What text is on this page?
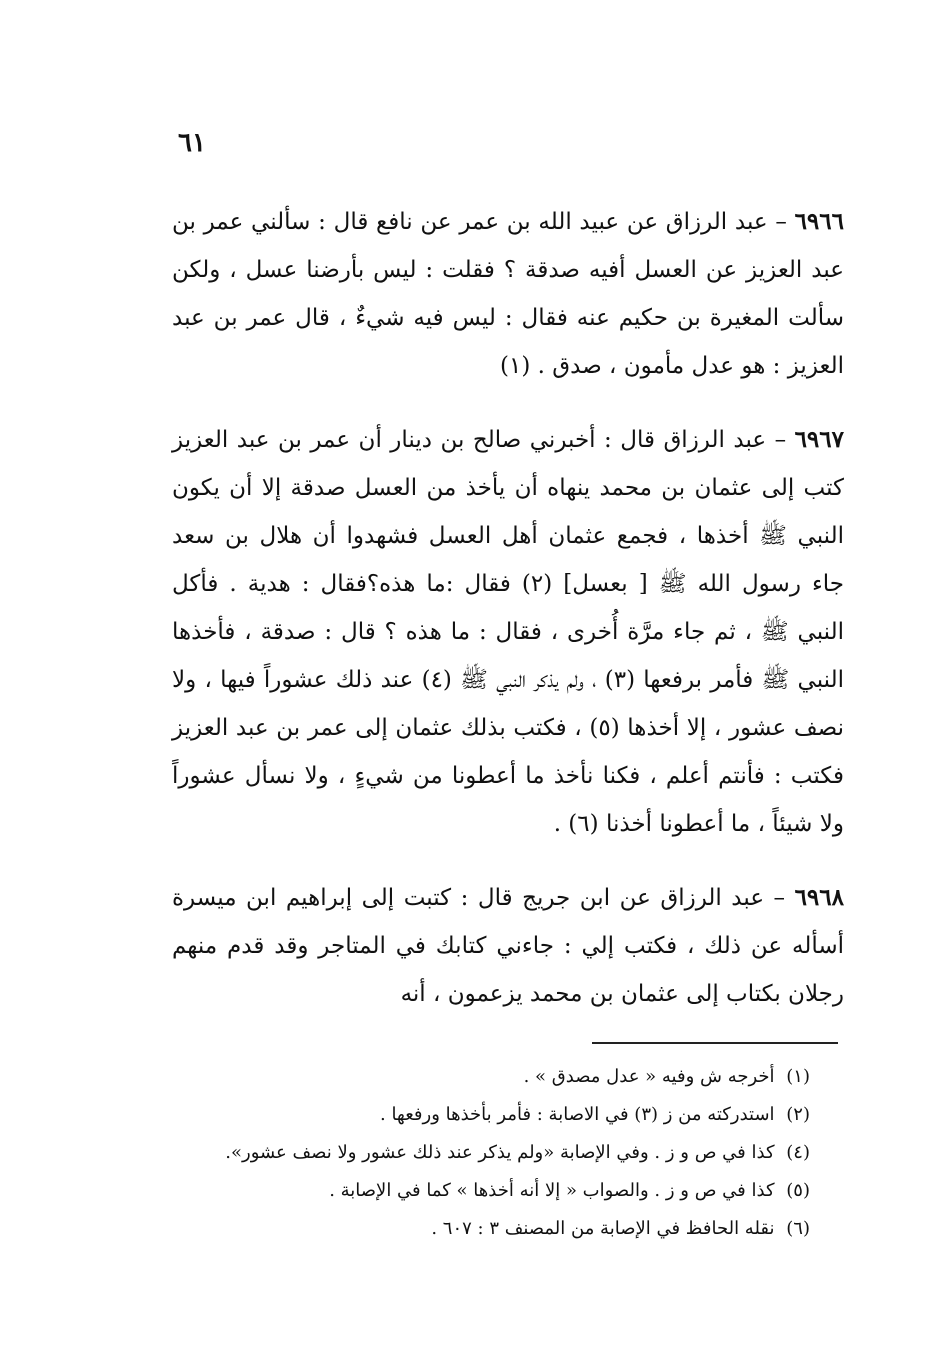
٦١

٦٩٦٦ – عبد الرزاق عن عبيد الله بن عمر عن نافع قال : سألني عمر بن عبد العزيز عن العسل أفيه صدقة ؟ فقلت : ليس بأرضنا عسل ، ولكن سألت المغيرة بن حكيم عنه فقال : ليس فيه شيءٌ ، قال عمر بن عبد العزيز : هو عدل مأمون ، صدق . (١)

٦٩٦٧ – عبد الرزاق قال : أخبرني صالح بن دينار أن عمر بن عبد العزيز كتب إلى عثمان بن محمد ينهاه أن يأخذ من العسل صدقة إلا أن يكون النبي ﷺ أخذها ، فجمع عثمان أهل العسل فشهدوا أن هلال بن سعد جاء رسول الله ﷺ [ بعسل] (٢) فقال :ما هذه؟فقال : هدية . فأكل النبي ﷺ ، ثم جاء مرَّة أُخرى ، فقال : ما هذه ؟ قال : صدقة ، فأخذها النبي ﷺ فأمر برفعها (٣) ، ولم يذكر النبي ﷺ (٤) عند ذلك عشوراً فيها ، ولا نصف عشور ، إلا أخذها (٥) ، فكتب بذلك عثمان إلى عمر بن عبد العزيز فكتب : فأنتم أعلم ، فكنا نأخذ ما أعطونا من شيءٍ ، ولا نسأل عشوراً ولا شيئاً ، ما أعطونا أخذنا (٦) .

٦٩٦٨ – عبد الرزاق عن ابن جريج قال : كتبت إلى إبراهيم ابن ميسرة أسأله عن ذلك ، فكتب إلي : جاءني كتابك في المتاجر وقد قدم منهم رجلان بكتاب إلى عثمان بن محمد يزعمون ، أنه

(١) أخرجه ش وفيه « عدل مصدق » .
(٢) استدركته من ز (٣) في الاصابة : فأمر بأخذها ورفعها .
(٤) كذا في ص و ز . وفي الإصابة «ولم يذكر عند ذلك عشور ولا نصف عشور».
(٥) كذا في ص و ز . والصواب « إلا أنه أخذها » كما في الإصابة .
(٦) نقله الحافظ في الإصابة من المصنف ٣ : ٦٠٧ .
